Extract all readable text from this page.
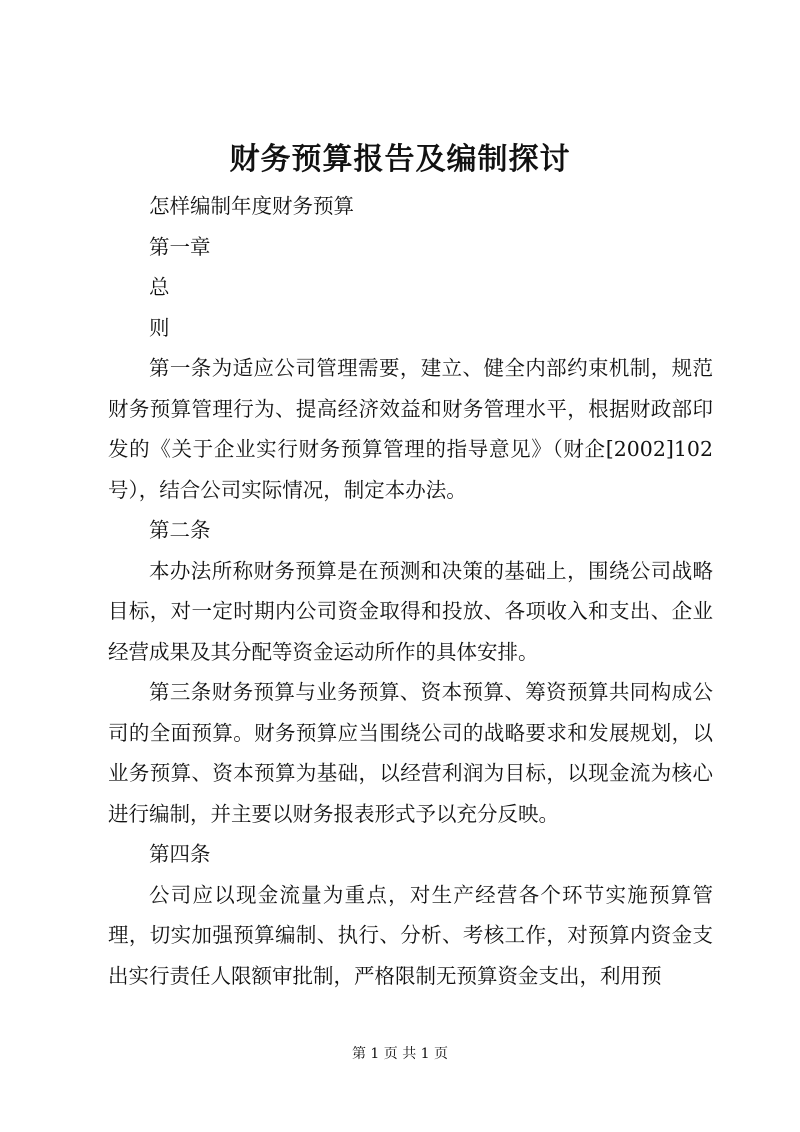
财务预算报告及编制探讨

怎样编制年度财务预算

第一章

总

则

第一条为适应公司管理需要，建立、健全内部约束机制，规范财务预算管理行为、提高经济效益和财务管理水平，根据财政部印发的《关于企业实行财务预算管理的指导意见》（财企[2002]102号），结合公司实际情况，制定本办法。

第二条

本办法所称财务预算是在预测和决策的基础上，围绕公司战略目标，对一定时期内公司资金取得和投放、各项收入和支出、企业经营成果及其分配等资金运动所作的具体安排。

第三条财务预算与业务预算、资本预算、筹资预算共同构成公司的全面预算。财务预算应当围绕公司的战略要求和发展规划，以业务预算、资本预算为基础，以经营利润为目标，以现金流为核心进行编制，并主要以财务报表形式予以充分反映。

第四条

公司应以现金流量为重点，对生产经营各个环节实施预算管理，切实加强预算编制、执行、分析、考核工作，对预算内资金支出实行责任人限额审批制，严格限制无预算资金支出，利用预

第 1 页 共 1 页
